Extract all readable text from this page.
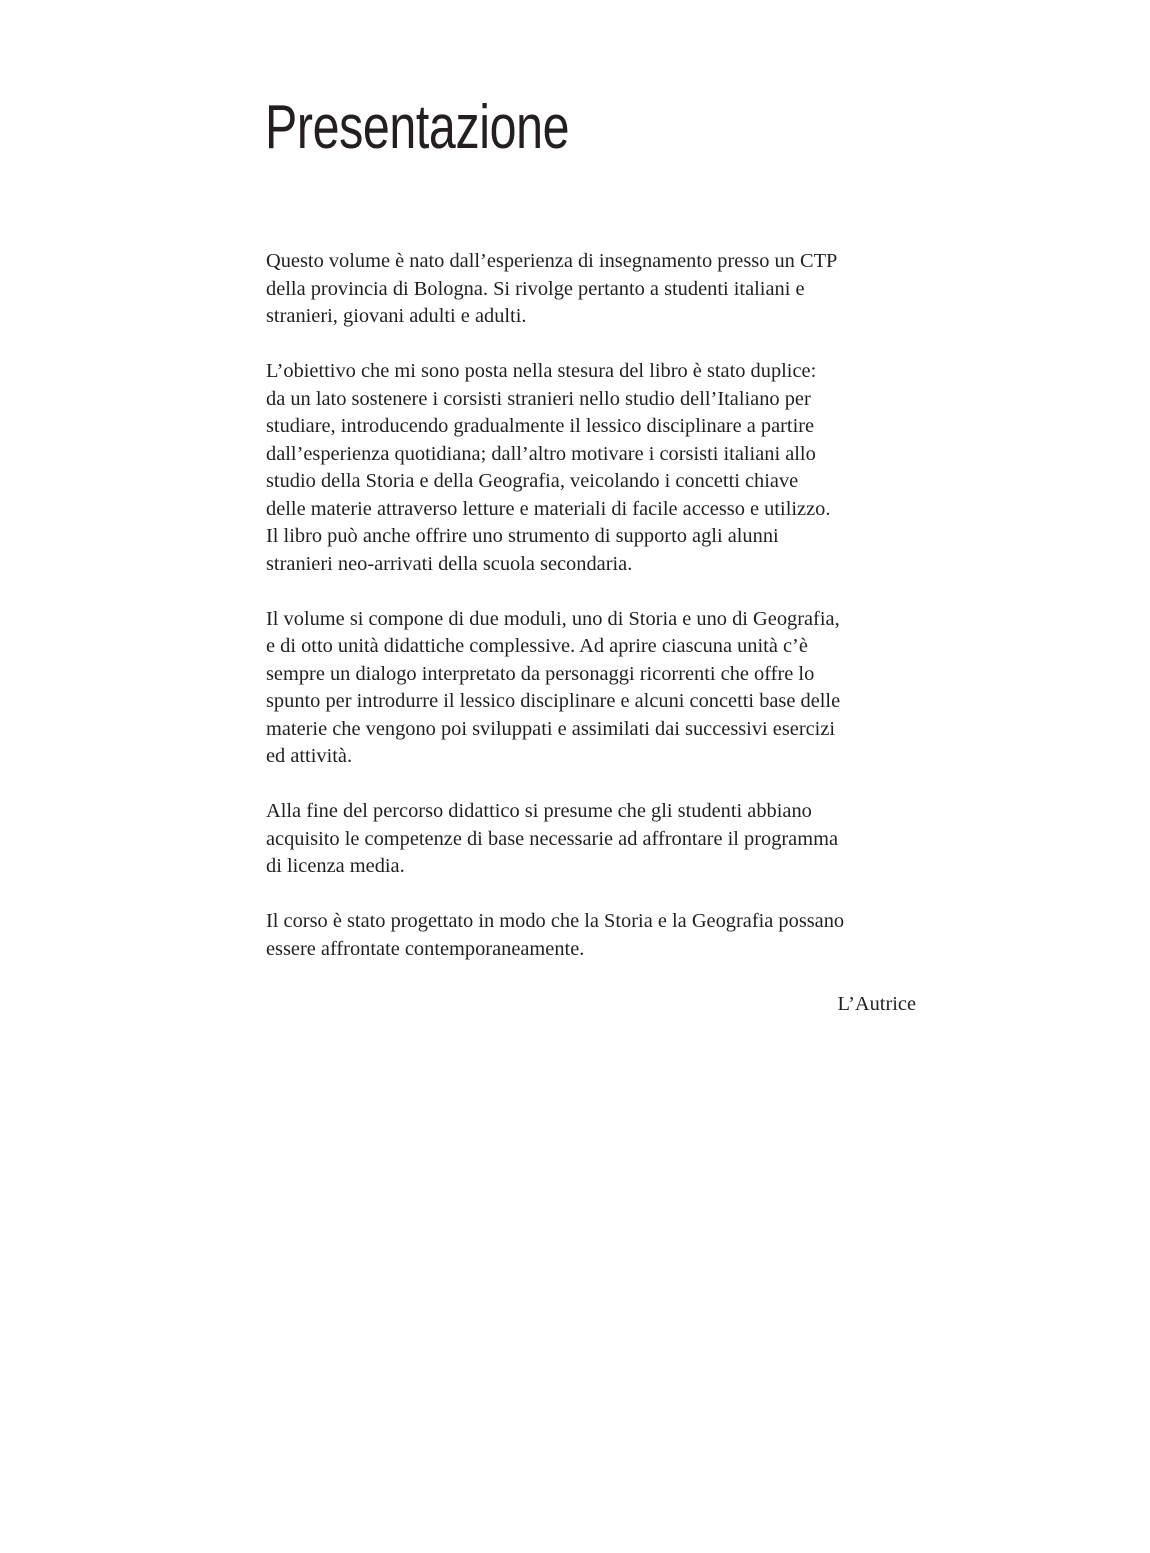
Presentazione

Questo volume è nato dall’esperienza di insegnamento presso un CTP
della provincia di Bologna. Si rivolge pertanto a studenti italiani e
stranieri, giovani adulti e adulti.

L’obiettivo che mi sono posta nella stesura del libro è stato duplice:
da un lato sostenere i corsisti stranieri nello studio dell’Italiano per
studiare, introducendo gradualmente il lessico disciplinare a partire
dall’esperienza quotidiana; dall’altro motivare i corsisti italiani allo
studio della Storia e della Geografia, veicolando i concetti chiave
delle materie attraverso letture e materiali di facile accesso e utilizzo.
Il libro può anche offrire uno strumento di supporto agli alunni
stranieri neo-arrivati della scuola secondaria.

Il volume si compone di due moduli, uno di Storia e uno di Geografia,
e di otto unità didattiche complessive. Ad aprire ciascuna unità c’è
sempre un dialogo interpretato da personaggi ricorrenti che offre lo
spunto per introdurre il lessico disciplinare e alcuni concetti base delle
materie che vengono poi sviluppati e assimilati dai successivi esercizi
ed attività.

Alla fine del percorso didattico si presume che gli studenti abbiano
acquisito le competenze di base necessarie ad affrontare il programma
di licenza media.

Il corso è stato progettato in modo che la Storia e la Geografia possano
essere affrontate contemporaneamente.

L’Autrice
